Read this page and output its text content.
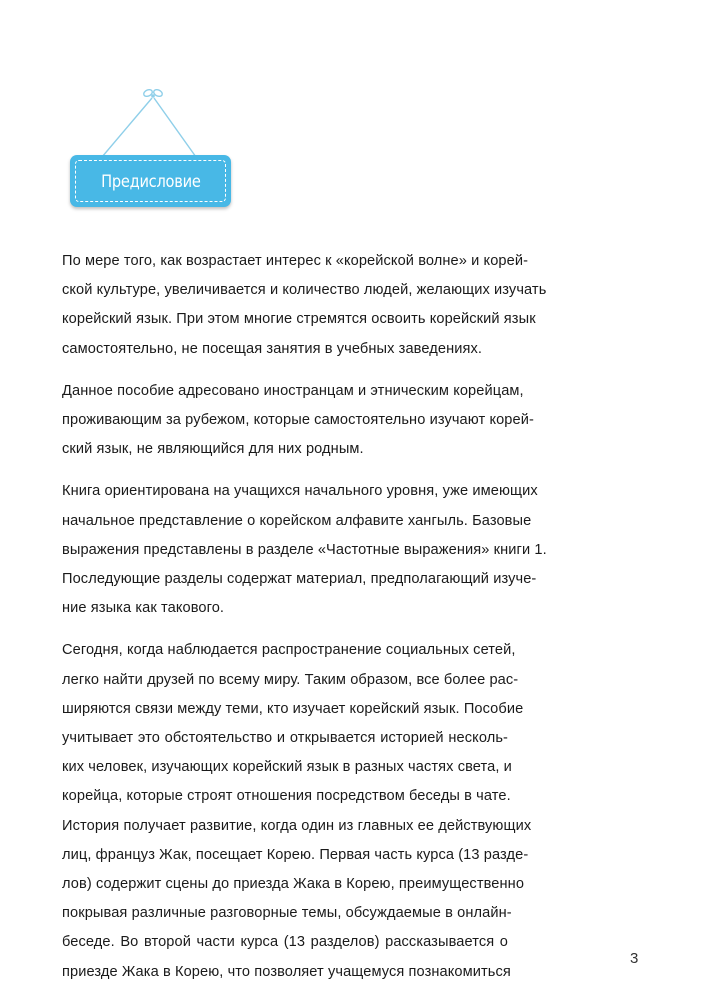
Предисловие

По мере того, как возрастает интерес к «корейской волне» и корей-
ской культуре, увеличивается и количество людей, желающих изучать
корейский язык. При этом многие стремятся освоить корейский язык
самостоятельно, не посещая занятия в учебных заведениях.

Данное пособие адресовано иностранцам и этническим корейцам,
проживающим за рубежом, которые самостоятельно изучают корей-
ский язык, не являющийся для них родным.

Книга ориентирована на учащихся начального уровня, уже имеющих
начальное представление о корейском алфавите хангыль. Базовые
выражения представлены в разделе «Частотные выражения» книги 1.
Последующие разделы содержат материал, предполагающий изуче-
ние языка как такового.

Сегодня, когда наблюдается распространение социальных сетей,
легко найти друзей по всему миру. Таким образом, все более рас-
ширяются связи между теми, кто изучает корейский язык. Пособие
учитывает это обстоятельство и открывается историей несколь-
ких человек, изучающих корейский язык в разных частях света, и
корейца, которые строят отношения посредством беседы в чате.
История получает развитие, когда один из главных ее действующих
лиц, француз Жак, посещает Корею. Первая часть курса (13 разде-
лов) содержит сцены до приезда Жака в Корею, преимущественно
покрывая различные разговорные темы, обсуждаемые в онлайн-
беседе. Во второй части курса (13 разделов) рассказывается о
приезде Жака в Корею, что позволяет учащемуся познакомиться

3
